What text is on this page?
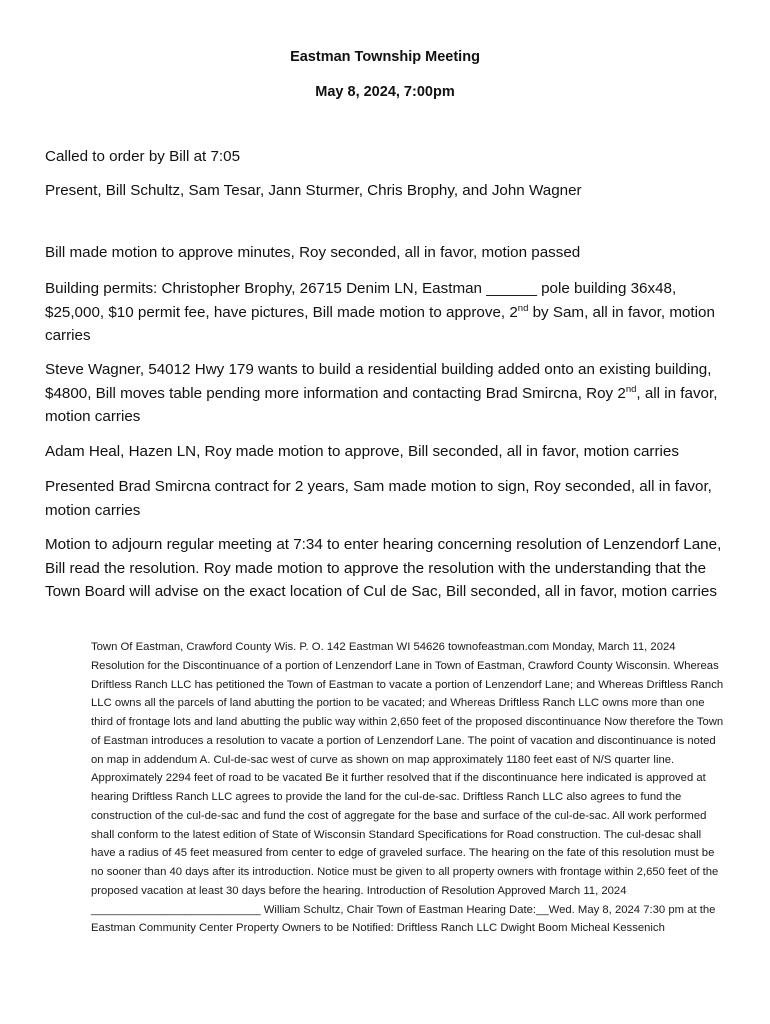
Eastman Township Meeting

May 8, 2024, 7:00pm

Called to order by Bill at 7:05

Present, Bill Schultz, Sam Tesar, Jann Sturmer, Chris Brophy, and John Wagner

Bill made motion to approve minutes, Roy seconded, all in favor, motion passed

Building permits: Christopher Brophy, 26715 Denim LN, Eastman ______ pole building 36x48, $25,000, $10 permit fee, have pictures, Bill made motion to approve, 2nd by Sam, all in favor, motion carries

Steve Wagner, 54012 Hwy 179 wants to build a residential building added onto an existing building, $4800, Bill moves table pending more information and contacting Brad Smircna, Roy 2nd, all in favor, motion carries

Adam Heal, Hazen LN, Roy made motion to approve, Bill seconded, all in favor, motion carries

Presented Brad Smircna contract for 2 years, Sam made motion to sign, Roy seconded, all in favor, motion carries

Motion to adjourn regular meeting at 7:34 to enter hearing concerning resolution of Lenzendorf Lane, Bill read the resolution. Roy made motion to approve the resolution with the understanding that the Town Board will advise on the exact location of Cul de Sac, Bill seconded, all in favor, motion carries

Town Of Eastman, Crawford County Wis. P. O. 142 Eastman WI 54626 townofeastman.com Monday, March 11, 2024 Resolution for the Discontinuance of a portion of Lenzendorf Lane in Town of Eastman, Crawford County Wisconsin. Whereas Driftless Ranch LLC has petitioned the Town of Eastman to vacate a portion of Lenzendorf Lane; and Whereas Driftless Ranch LLC owns all the parcels of land abutting the portion to be vacated; and Whereas Driftless Ranch LLC owns more than one third of frontage lots and land abutting the public way within 2,650 feet of the proposed discontinuance Now therefore the Town of Eastman introduces a resolution to vacate a portion of Lenzendorf Lane. The point of vacation and discontinuance is noted on map in addendum A. Cul-de-sac west of curve as shown on map approximately 1180 feet east of N/S quarter line. Approximately 2294 feet of road to be vacated Be it further resolved that if the discontinuance here indicated is approved at hearing Driftless Ranch LLC agrees to provide the land for the cul-de-sac. Driftless Ranch LLC also agrees to fund the construction of the cul-de-sac and fund the cost of aggregate for the base and surface of the cul-de-sac. All work performed shall conform to the latest edition of State of Wisconsin Standard Specifications for Road construction. The cul-desac shall have a radius of 45 feet measured from center to edge of graveled surface. The hearing on the fate of this resolution must be no sooner than 40 days after its introduction. Notice must be given to all property owners with frontage within 2,650 feet of the proposed vacation at least 30 days before the hearing. Introduction of Resolution Approved March 11, 2024 ___________________________ William Schultz, Chair Town of Eastman Hearing Date:__Wed. May 8, 2024 7:30 pm at the Eastman Community Center Property Owners to be Notified: Driftless Ranch LLC Dwight Boom Micheal Kessenich
